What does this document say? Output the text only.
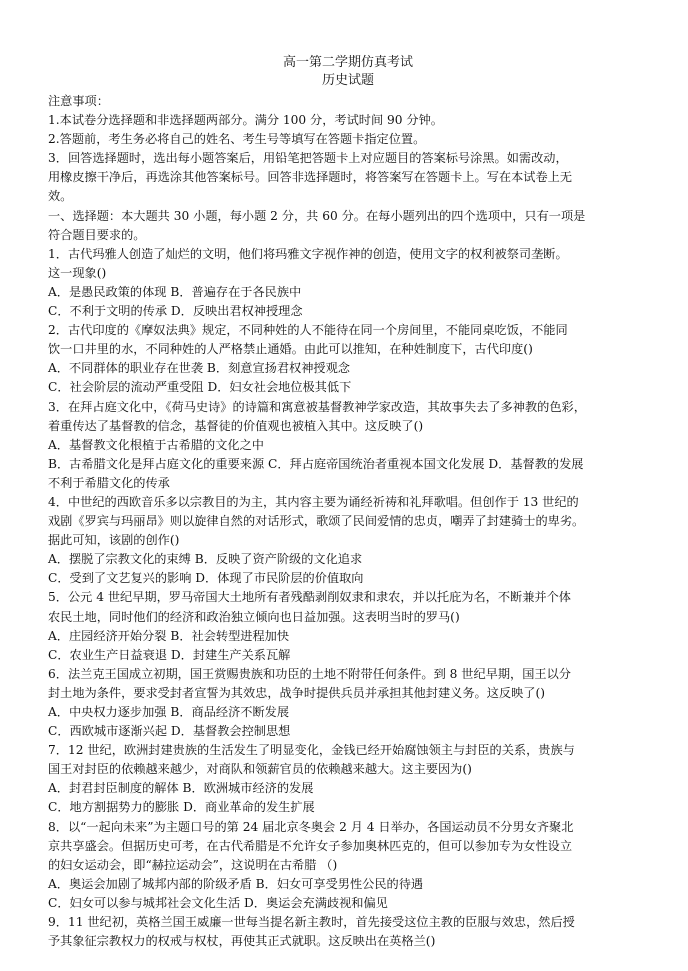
高一第二学期仿真考试

历史试题

注意事项：

1.本试卷分选择题和非选择题两部分。满分 100 分，考试时间 90 分钟。

2.答题前，考生务必将自己的姓名、考生号等填写在答题卡指定位置。

3．回答选择题时，选出每小题答案后，用铅笔把答题卡上对应题目的答案标号涂黑。如需改动，

用橡皮擦干净后，再选涂其他答案标号。回答非选择题时，将答案写在答题卡上。写在本试卷上无

效。

一、选择题：本大题共 30 小题，每小题 2 分，共 60 分。在每小题列出的四个选项中，只有一项是

符合题目要求的。

1．古代玛雅人创造了灿烂的文明，他们将玛雅文字视作神的创造，使用文字的权利被祭司垄断。

这一现象()

A．是愚民政策的体现 B．普遍存在于各民族中

C．不利于文明的传承 D．反映出君权神授理念

2．古代印度的《摩奴法典》规定，不同种姓的人不能待在同一个房间里，不能同桌吃饭，不能同

饮一口井里的水，不同种姓的人严格禁止通婚。由此可以推知，在种姓制度下，古代印度()

A．不同群体的职业存在世袭 B．刻意宣扬君权神授观念

C．社会阶层的流动严重受阻 D．妇女社会地位极其低下

3．在拜占庭文化中，《荷马史诗》的诗篇和寓意被基督教神学家改造，其故事失去了多神教的色彩，

着重传达了基督教的信念，基督徒的价值观也被植入其中。这反映了()

A．基督教文化根植于古希腊的文化之中

B．古希腊文化是拜占庭文化的重要来源 C．拜占庭帝国统治者重视本国文化发展 D．基督教的发展

不利于希腊文化的传承

4．中世纪的西欧音乐多以宗教目的为主，其内容主要为诵经祈祷和礼拜歌唱。但创作于 13 世纪的

戏剧《罗宾与玛丽昂》则以旋律自然的对话形式，歌颂了民间爱情的忠贞，嘲弄了封建骑士的卑劣。

据此可知，该剧的创作()

A．摆脱了宗教文化的束缚 B．反映了资产阶级的文化追求

C．受到了文艺复兴的影响 D．体现了市民阶层的价值取向

5．公元 4 世纪早期，罗马帝国大土地所有者残酷剥削奴隶和隶农，并以托庇为名，不断兼并个体

农民土地，同时他们的经济和政治独立倾向也日益加强。这表明当时的罗马()

A．庄园经济开始分裂 B．社会转型进程加快

C．农业生产日益衰退 D．封建生产关系瓦解

6．法兰克王国成立初期，国王赏赐贵族和功臣的土地不附带任何条件。到 8 世纪早期，国王以分

封土地为条件，要求受封者宣誓为其效忠，战争时提供兵员并承担其他封建义务。这反映了()

A．中央权力逐步加强 B．商品经济不断发展

C．西欧城市逐渐兴起 D．基督教会控制思想

7．12 世纪，欧洲封建贵族的生活发生了明显变化，金钱已经开始腐蚀领主与封臣的关系，贵族与

国王对封臣的依赖越来越少，对商队和领薪官员的依赖越来越大。这主要因为()

A．封君封臣制度的解体 B．欧洲城市经济的发展

C．地方割据势力的膨胀 D．商业革命的发生扩展

8．以“一起向未来”为主题口号的第 24 届北京冬奥会 2 月 4 日举办，各国运动员不分男女齐聚北

京共享盛会。但据历史可考，在古代希腊是不允许女子参加奥林匹克的，但可以参加专为女性设立

的妇女运动会，即“赫拉运动会”，这说明在古希腊 （)

A．奥运会加剧了城邦内部的阶级矛盾 B．妇女可享受男性公民的待遇

C．妇女可以参与城邦社会文化生活 D．奥运会充满歧视和偏见

9．11 世纪初，英格兰国王威廉一世每当提名新主教时，首先接受这位主教的臣服与效忠，然后授

予其象征宗教权力的权戒与权杖，再使其正式就职。这反映出在英格兰()
